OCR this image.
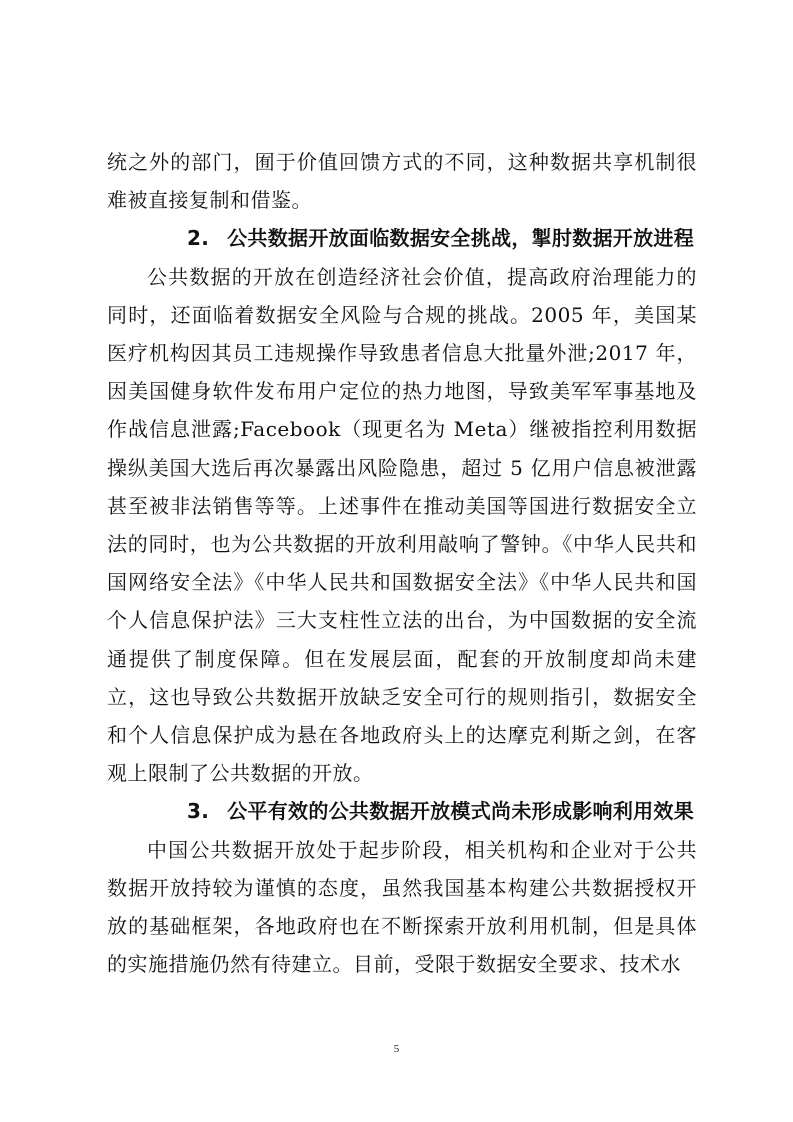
统之外的部门，囿于价值回馈方式的不同，这种数据共享机制很难被直接复制和借鉴。

2. 公共数据开放面临数据安全挑战，掣肘数据开放进程

公共数据的开放在创造经济社会价值，提高政府治理能力的同时，还面临着数据安全风险与合规的挑战。2005 年，美国某医疗机构因其员工违规操作导致患者信息大批量外泄;2017 年，因美国健身软件发布用户定位的热力地图，导致美军军事基地及作战信息泄露;Facebook（现更名为 Meta）继被指控利用数据操纵美国大选后再次暴露出风险隐患，超过 5 亿用户信息被泄露甚至被非法销售等等。上述事件在推动美国等国进行数据安全立法的同时，也为公共数据的开放利用敲响了警钟。《中华人民共和国网络安全法》《中华人民共和国数据安全法》《中华人民共和国个人信息保护法》三大支柱性立法的出台，为中国数据的安全流通提供了制度保障。但在发展层面，配套的开放制度却尚未建立，这也导致公共数据开放缺乏安全可行的规则指引，数据安全和个人信息保护成为悬在各地政府头上的达摩克利斯之剑，在客观上限制了公共数据的开放。

3. 公平有效的公共数据开放模式尚未形成影响利用效果

中国公共数据开放处于起步阶段，相关机构和企业对于公共数据开放持较为谨慎的态度，虽然我国基本构建公共数据授权开放的基础框架，各地政府也在不断探索开放利用机制，但是具体的实施措施仍然有待建立。目前，受限于数据安全要求、技术水

5
